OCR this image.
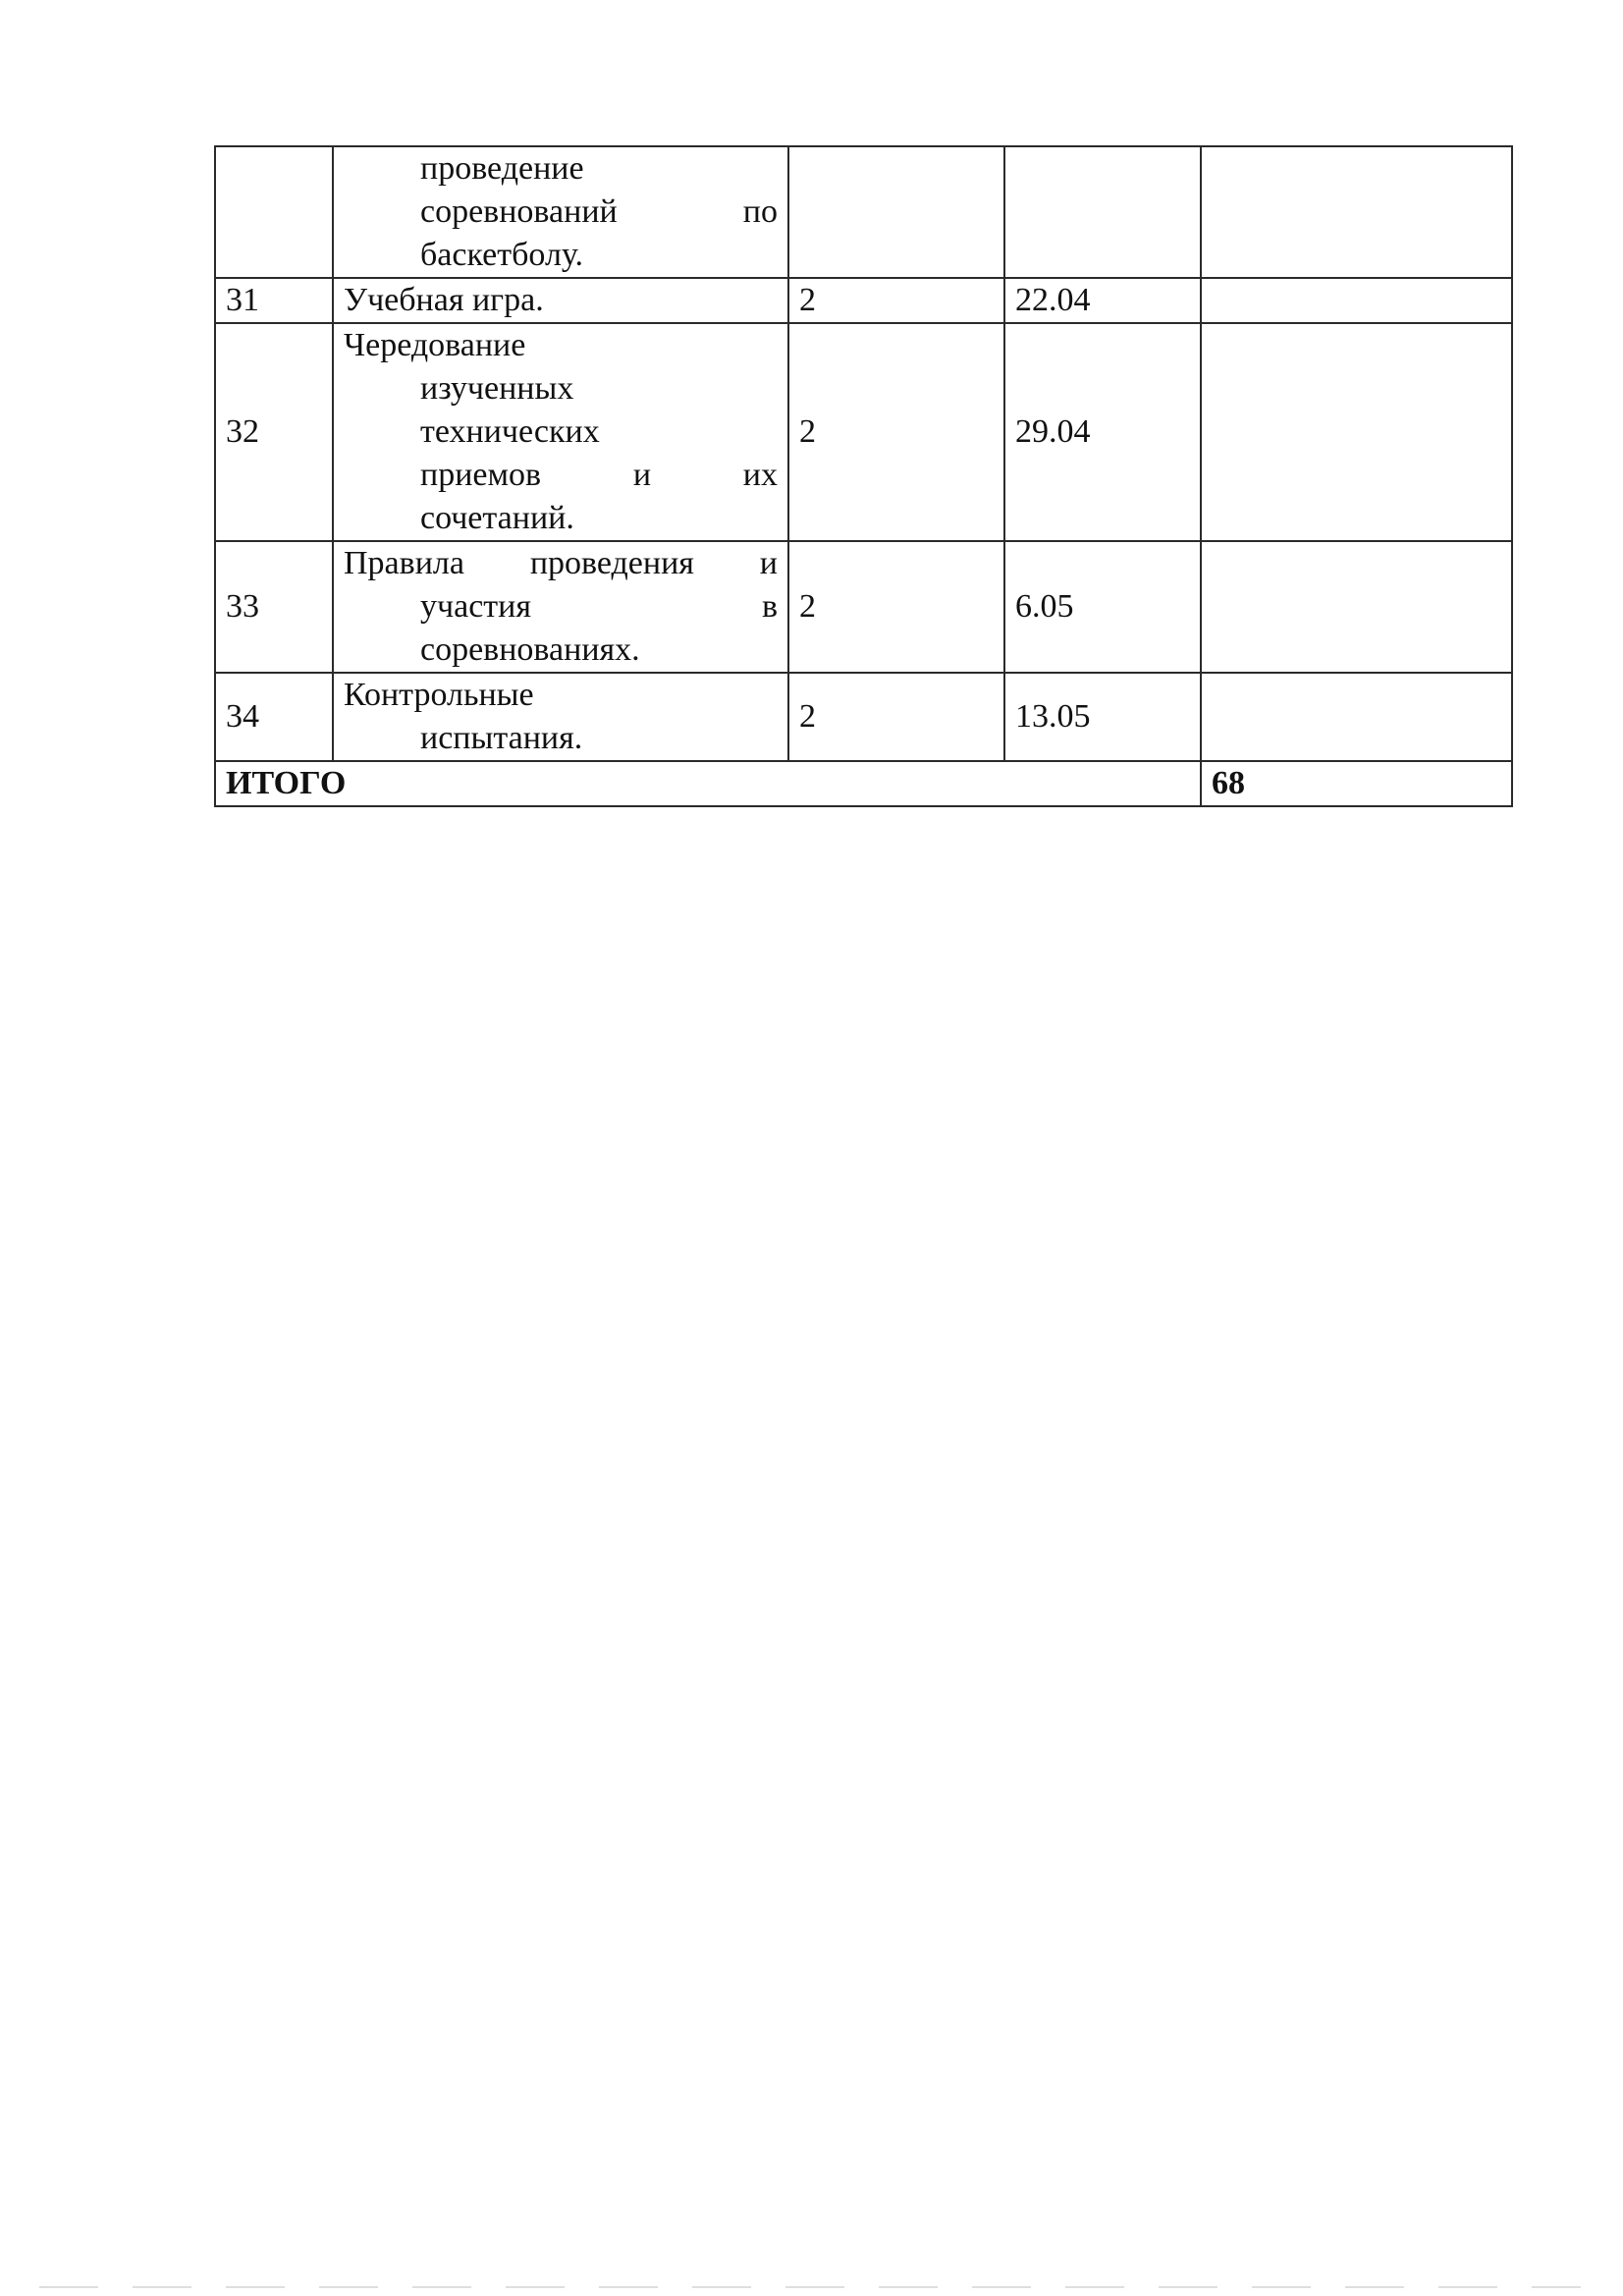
	проведение
соревнований по
баскетболу.			

31	Учебная игра.	2	22.04	
32	Чередование
изученных
технических
приемов и их
сочетаний.	2	29.04	
33	Правила проведения и
участия в
соревнованиях.	2	6.05	
34	Контрольные
испытания.	2	13.05	
ИТОГО				68
